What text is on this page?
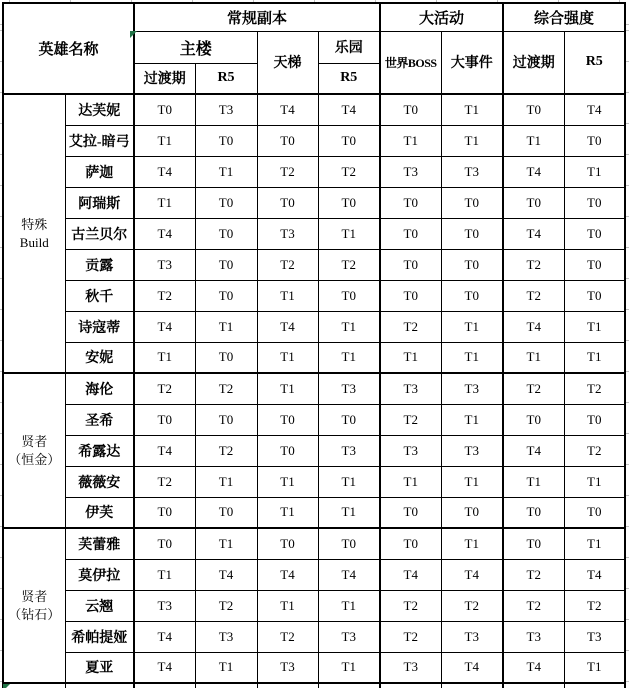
英雄名称		常规副本				大活动		综合强度	
		主楼		天梯	乐园	世界BOSS	大事件	过渡期	R5
		过渡期	R5		R5				
特殊
Build	达芙妮	T0	T3	T4	T4	T0	T1	T0	T4
	艾拉-暗弓	T1	T0	T0	T0	T1	T1	T1	T0
	萨迦	T4	T1	T2	T2	T3	T3	T4	T1
	阿瑞斯	T1	T0	T0	T0	T0	T0	T0	T0
	古兰贝尔	T4	T0	T3	T1	T0	T0	T4	T0
	贡露	T3	T0	T2	T2	T0	T0	T2	T0
	秋千	T2	T0	T1	T0	T0	T0	T2	T0
	诗寇蒂	T4	T1	T4	T1	T2	T1	T4	T1
	安妮	T1	T0	T1	T1	T1	T1	T1	T1
贤者
（恒金）	海伦	T2	T2	T1	T3	T3	T3	T2	T2
	圣希	T0	T0	T0	T0	T2	T1	T0	T0
	希露达	T4	T2	T0	T3	T3	T3	T4	T2
	薇薇安	T2	T1	T1	T1	T1	T1	T1	T1
	伊芙	T0	T0	T1	T1	T0	T0	T0	T0
贤者
（钻石）	芙蕾雅	T0	T1	T0	T0	T0	T1	T0	T1
	莫伊拉	T1	T4	T4	T4	T4	T4	T2	T4
	云翘	T3	T2	T1	T1	T2	T2	T2	T2
	希帕提娅	T4	T3	T2	T3	T2	T3	T3	T3
	夏亚	T4	T1	T3	T1	T3	T4	T4	T1
